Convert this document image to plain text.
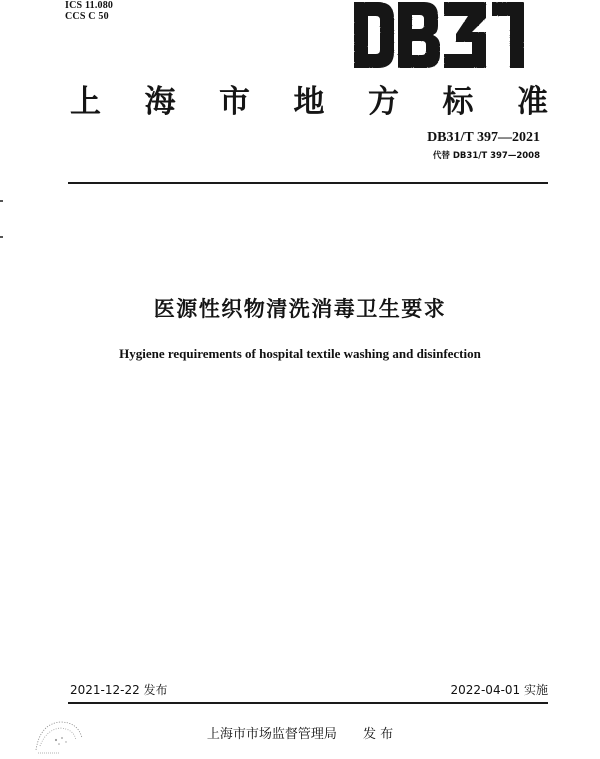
ICS 11.080
CCS C 50
上 海 市 地 方 标 准
DB31/T 397—2021
代替 DB31/T 397—2008
医源性织物清洗消毒卫生要求
Hygiene requirements of hospital textile washing and disinfection
2021-12-22 发布	2022-04-01 实施
上海市市场监督管理局 发 布
